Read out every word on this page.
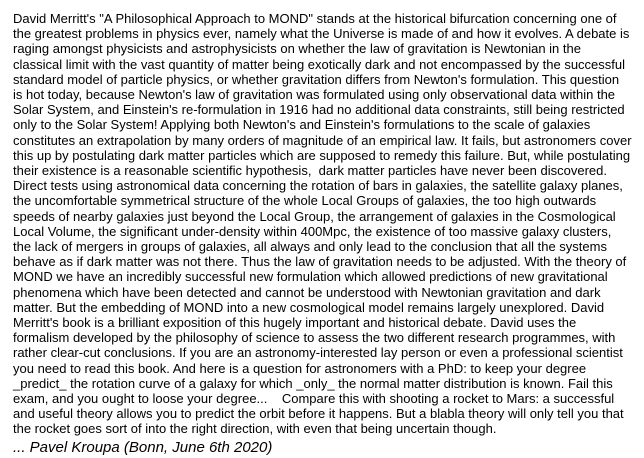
David Merritt's "A Philosophical Approach to MOND" stands at the historical bifurcation concerning one of
the greatest problems in physics ever, namely what the Universe is made of and how it evolves. A debate is
raging amongst physicists and astrophysicists on whether the law of gravitation is Newtonian in the
classical limit with the vast quantity of matter being exotically dark and not encompassed by the successful
standard model of particle physics, or whether gravitation differs from Newton's formulation. This question
is hot today, because Newton's law of gravitation was formulated using only observational data within the
Solar System, and Einstein's re-formulation in 1916 had no additional data constraints, still being restricted
only to the Solar System! Applying both Newton's and Einstein's formulations to the scale of galaxies
constitutes an extrapolation by many orders of magnitude of an empirical law. It fails, but astronomers cover
this up by postulating dark matter particles which are supposed to remedy this failure. But, while postulating
their existence is a reasonable scientific hypothesis,  dark matter particles have never been discovered.
Direct tests using astronomical data concerning the rotation of bars in galaxies, the satellite galaxy planes,
the uncomfortable symmetrical structure of the whole Local Groups of galaxies, the too high outwards
speeds of nearby galaxies just beyond the Local Group, the arrangement of galaxies in the Cosmological
Local Volume, the significant under-density within 400Mpc, the existence of too massive galaxy clusters,
the lack of mergers in groups of galaxies, all always and only lead to the conclusion that all the systems
behave as if dark matter was not there. Thus the law of gravitation needs to be adjusted. With the theory of
MOND we have an incredibly successful new formulation which allowed predictions of new gravitational
phenomena which have been detected and cannot be understood with Newtonian gravitation and dark
matter. But the embedding of MOND into a new cosmological model remains largely unexplored. David
Merritt's book is a brilliant exposition of this hugely important and historical debate. David uses the
formalism developed by the philosophy of science to assess the two different research programmes, with
rather clear-cut conclusions. If you are an astronomy-interested lay person or even a professional scientist
you need to read this book. And here is a question for astronomers with a PhD: to keep your degree
_predict_ the rotation curve of a galaxy for which _only_ the normal matter distribution is known. Fail this
exam, and you ought to loose your degree...    Compare this with shooting a rocket to Mars: a successful
and useful theory allows you to predict the orbit before it happens. But a blabla theory will only tell you that
the rocket goes sort of into the right direction, with even that being uncertain though.
... Pavel Kroupa (Bonn, June 6th 2020)
